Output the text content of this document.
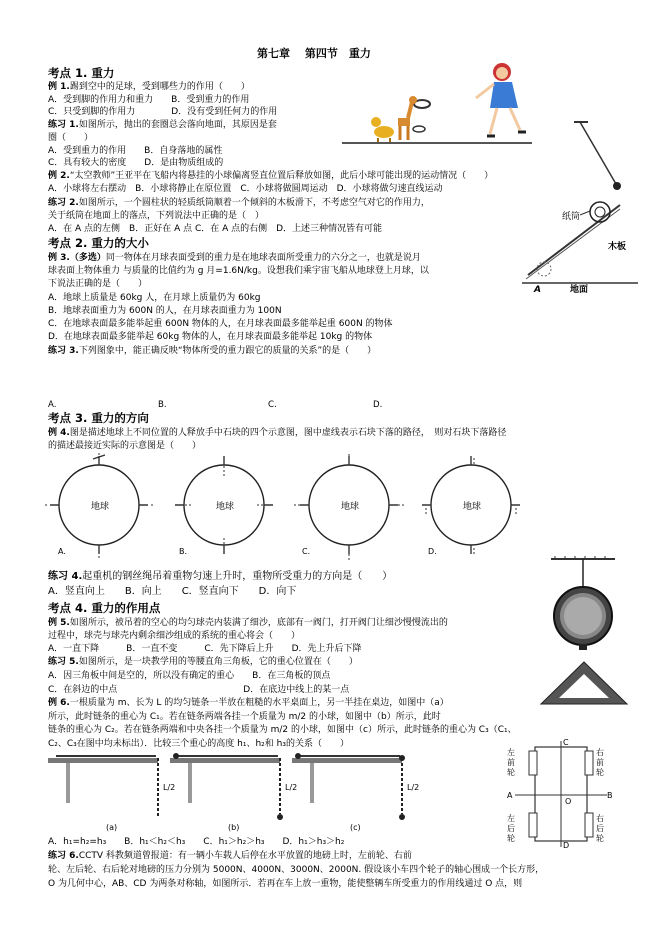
第七章　 第四节　重力
考点 1. 重力
例 1.踢到空中的足球，受到哪些力的作用（　　）
A．受到脚的作用力和重力　　B．受到重力的作用
C．只受到脚的作用力　　　　D．没有受到任何力的作用
练习 1.如图所示，抛出的套圈总会落向地面，其原因是套
圈（　　）
A．受到重力的作用　　B．自身落地的属性
C．具有较大的密度　　D．是由物质组成的
例 2.“太空教师”王亚平在飞船内将悬挂的小球偏离竖直位置后释放如图，此后小球可能出现的运动情况（　　）
A．小球将左右摆动　B．小球将静止在原位置　C．小球将做圆周运动　D．小球将做匀速直线运动
练习 2.如图所示，一个圆柱状的轻质纸筒顺着一个倾斜的木板滑下，不考虑空气对它的作用力，
关于纸筒在地面上的落点，下列说法中正确的是（　）
A．在 A 点的左侧　B．正好在 A 点 C．在 A 点的右侧　D．上述三种情况皆有可能
考点 2. 重力的大小
例 3.（多选）同一物体在月球表面受到的重力是在地球表面所受重力的六分之一，也就是说月
球表面上物体重力 与质量的比值约为 g 月=1.6N/kg。设想我们乘宇宙飞船从地球登上月球，以
下说法正确的是（　　）
A．地球上质量是 60kg 人，在月球上质量仍为 60kg
B．地球表面重力为 600N 的人，在月球表面重力为 100N
C．在地球表面最多能举起重 600N 物体的人，在月球表面最多能举起重 600N 的物体
D．在地球表面最多能举起 60kg 物体的人，在月球表面最多能举起 10kg 的物体
练习 3.下列图象中，能正确反映“物体所受的重力跟它的质量的关系”的是（　　）
A.	B.	C.	D.
考点 3. 重力的方向
例 4.图是描述地球上不同位置的人释放手中石块的四个示意图，图中虚线表示石块下落的路径，　则对石块下落路径
的描述最接近实际的示意图是（　　）
地球
A.
地球
B.
地球
C.
地球
D.
练习 4.起重机的钢丝绳吊着重物匀速上升时，重物所受重力的方向是（　　）
A．竖直向上　　B．向上　　C．竖直向下　　D．向下
考点 4. 重力的作用点
例 5.如图所示，被吊着的空心的均匀球壳内装满了细沙，底部有一阀门，打开阀门让细沙慢慢流出的
过程中，球壳与球壳内剩余细沙组成的系统的重心将会（　　）
A．一直下降　　　B．一直不变　　　C．先下降后上升　　D．先上升后下降
练习 5.如图所示，是一块教学用的等腰直角三角板，它的重心位置在（　　）
A．因三角板中间是空的，所以没有确定的重心　　B．在三角板的顶点
C．在斜边的中点　　　　　　　　　　　　　　D．在底边中线上的某一点
例 6.一根质量为 m、长为 L 的均匀链条一半放在粗糙的水平桌面上，另一半挂在桌边，如图中（a）
所示，此时链条的重心为 C₁。若在链条两端各挂一个质量为 m/2 的小球，如图中（b）所示，此时
链条的重心为 C₂。若在链条两端和中央各挂一个质量为 m/2 的小球，如图中（c）所示，此时链条的重心为 C₃（C₁、
C₂、C₃在图中均未标出）．比较三个重心的高度 h₁、h₂和 h₃的关系（　　）
L/2
(a)
L/2
(b)
L/2
(c)
A．h₁=h₂=h₃　　B．h₁＜h₂＜h₃　　C．h₁＞h₂＞h₃　　D．h₁＞h₃＞h₂
练习 6.CCTV 科教频道曾报道：有一辆小车载人后停在水平放置的地磅上时，左前轮、右前
轮、左后轮、右后轮对地磅的压力分别为 5000N、4000N、3000N、2000N. 假设该小车四个轮子的轴心围成一个长方形，
O 为几何中心，AB、CD 为两条对称轴，如图所示．若再在车上放一重物，能使整辆车所受重力的作用线通过 O 点，则
纸筒
木板
A	地面
左前轮
右前轮
左后轮
右后轮
C
D
A	B
O
